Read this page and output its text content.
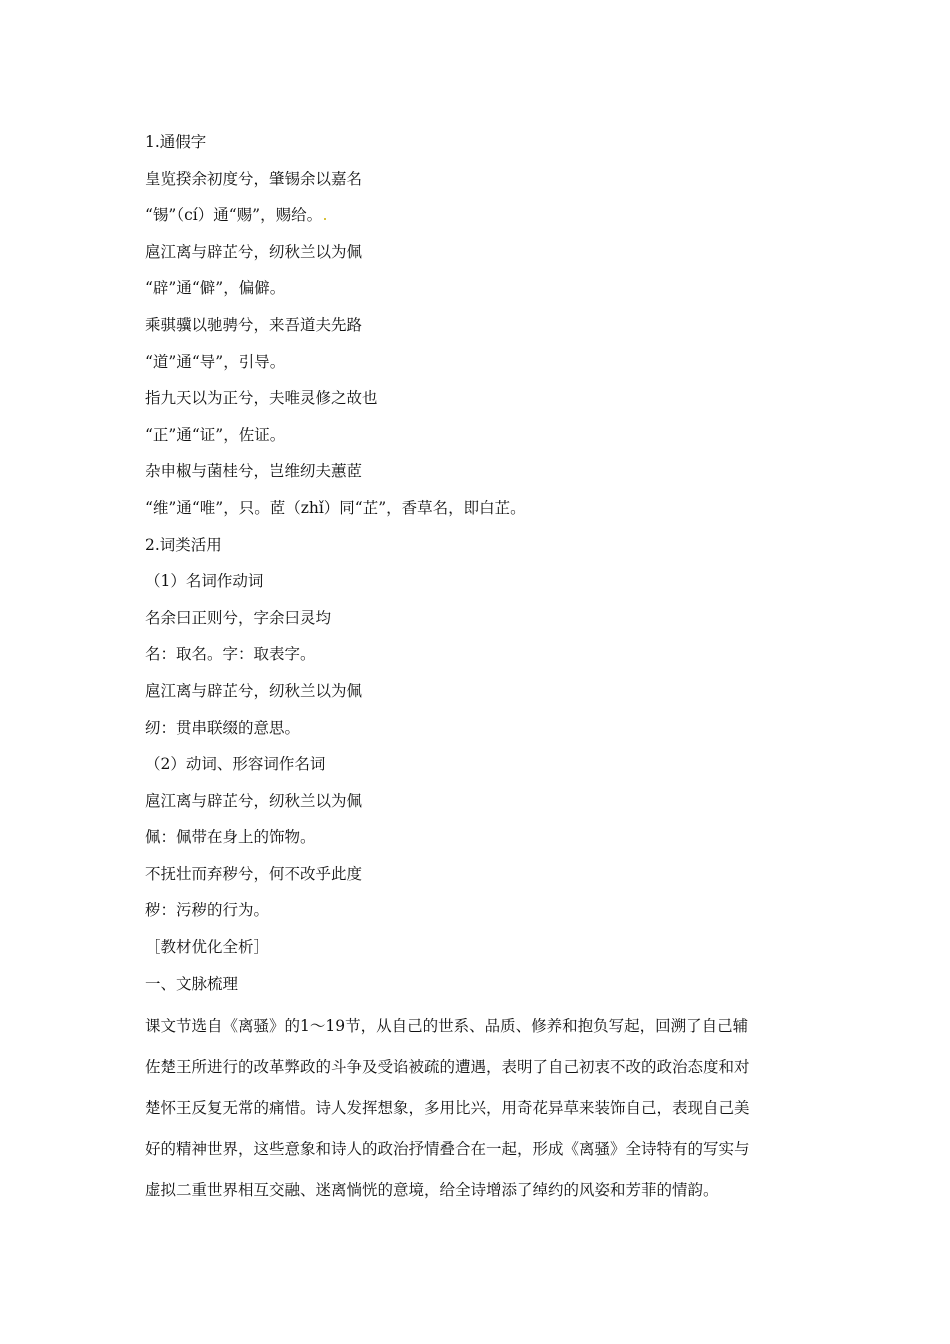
1.通假字
皇览揆余初度兮，肇锡余以嘉名
“锡”（cí）通“赐”，赐给。
扈江离与辟芷兮，纫秋兰以为佩
“辟”通“僻”，偏僻。
乘骐骥以驰骋兮，来吾道夫先路
“道”通“导”，引导。
指九天以为正兮，夫唯灵修之故也
“正”通“证”，佐证。
杂申椒与菌桂兮，岂维纫夫蕙茝
“维”通“唯”，只。茝（zhǐ）同“芷”，香草名，即白芷。
2.词类活用
（1）名词作动词
名余曰正则兮，字余曰灵均
名：取名。字：取表字。
扈江离与辟芷兮，纫秋兰以为佩
纫：贯串联缀的意思。
（2）动词、形容词作名词
扈江离与辟芷兮，纫秋兰以为佩
佩：佩带在身上的饰物。
不抚壮而弃秽兮，何不改乎此度
秽：污秽的行为。
［教材优化全析］
一、文脉梳理
课文节选自《离骚》的1～19节，从自己的世系、品质、修养和抱负写起，回溯了自己辅
佐楚王所进行的改革弊政的斗争及受谄被疏的遭遇，表明了自己初衷不改的政治态度和对
楚怀王反复无常的痛惜。诗人发挥想象，多用比兴，用奇花异草来装饰自己，表现自己美
好的精神世界，这些意象和诗人的政治抒情叠合在一起，形成《离骚》全诗特有的写实与
虚拟二重世界相互交融、迷离惝恍的意境，给全诗增添了绰约的风姿和芳菲的情韵。
